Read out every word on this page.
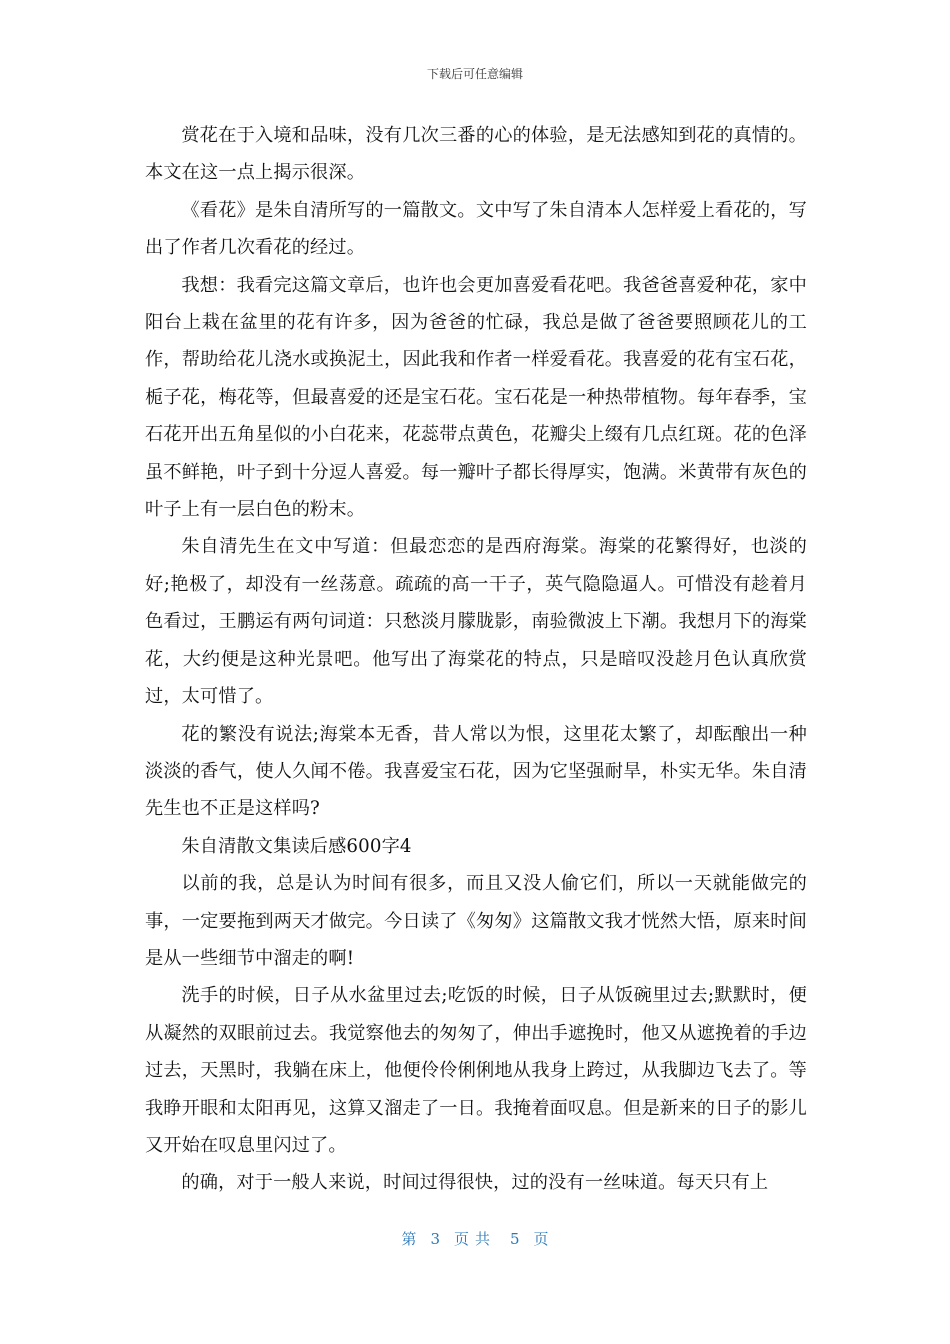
下载后可任意编辑

赏花在于入境和品味，没有几次三番的心的体验，是无法感知到花的真情的。本文在这一点上揭示很深。

《看花》是朱自清所写的一篇散文。文中写了朱自清本人怎样爱上看花的，写出了作者几次看花的经过。

我想：我看完这篇文章后，也许也会更加喜爱看花吧。我爸爸喜爱种花，家中阳台上栽在盆里的花有许多，因为爸爸的忙碌，我总是做了爸爸要照顾花儿的工作，帮助给花儿浇水或换泥土，因此我和作者一样爱看花。我喜爱的花有宝石花，栀子花，梅花等，但最喜爱的还是宝石花。宝石花是一种热带植物。每年春季，宝石花开出五角星似的小白花来，花蕊带点黄色，花瓣尖上缀有几点红斑。花的色泽虽不鲜艳，叶子到十分逗人喜爱。每一瓣叶子都长得厚实，饱满。米黄带有灰色的叶子上有一层白色的粉末。

朱自清先生在文中写道：但最恋恋的是西府海棠。海棠的花繁得好，也淡的好;艳极了，却没有一丝荡意。疏疏的高一干子，英气隐隐逼人。可惜没有趁着月色看过，王鹏运有两句词道：只愁淡月朦胧影，南验微波上下潮。我想月下的海棠花，大约便是这种光景吧。他写出了海棠花的特点，只是暗叹没趁月色认真欣赏过，太可惜了。

花的繁没有说法;海棠本无香，昔人常以为恨，这里花太繁了，却酝酿出一种淡淡的香气，使人久闻不倦。我喜爱宝石花，因为它坚强耐旱，朴实无华。朱自清先生也不正是这样吗?

朱自清散文集读后感600字4

以前的我，总是认为时间有很多，而且又没人偷它们，所以一天就能做完的事，一定要拖到两天才做完。今日读了《匆匆》这篇散文我才恍然大悟，原来时间是从一些细节中溜走的啊!

洗手的时候，日子从水盆里过去;吃饭的时候，日子从饭碗里过去;默默时，便从凝然的双眼前过去。我觉察他去的匆匆了，伸出手遮挽时，他又从遮挽着的手边过去，天黑时，我躺在床上，他便伶伶俐俐地从我身上跨过，从我脚边飞去了。等我睁开眼和太阳再见，这算又溜走了一日。我掩着面叹息。但是新来的日子的影儿又开始在叹息里闪过了。

的确，对于一般人来说，时间过得很快，过的没有一丝味道。每天只有上

第 3 页共 5 页
